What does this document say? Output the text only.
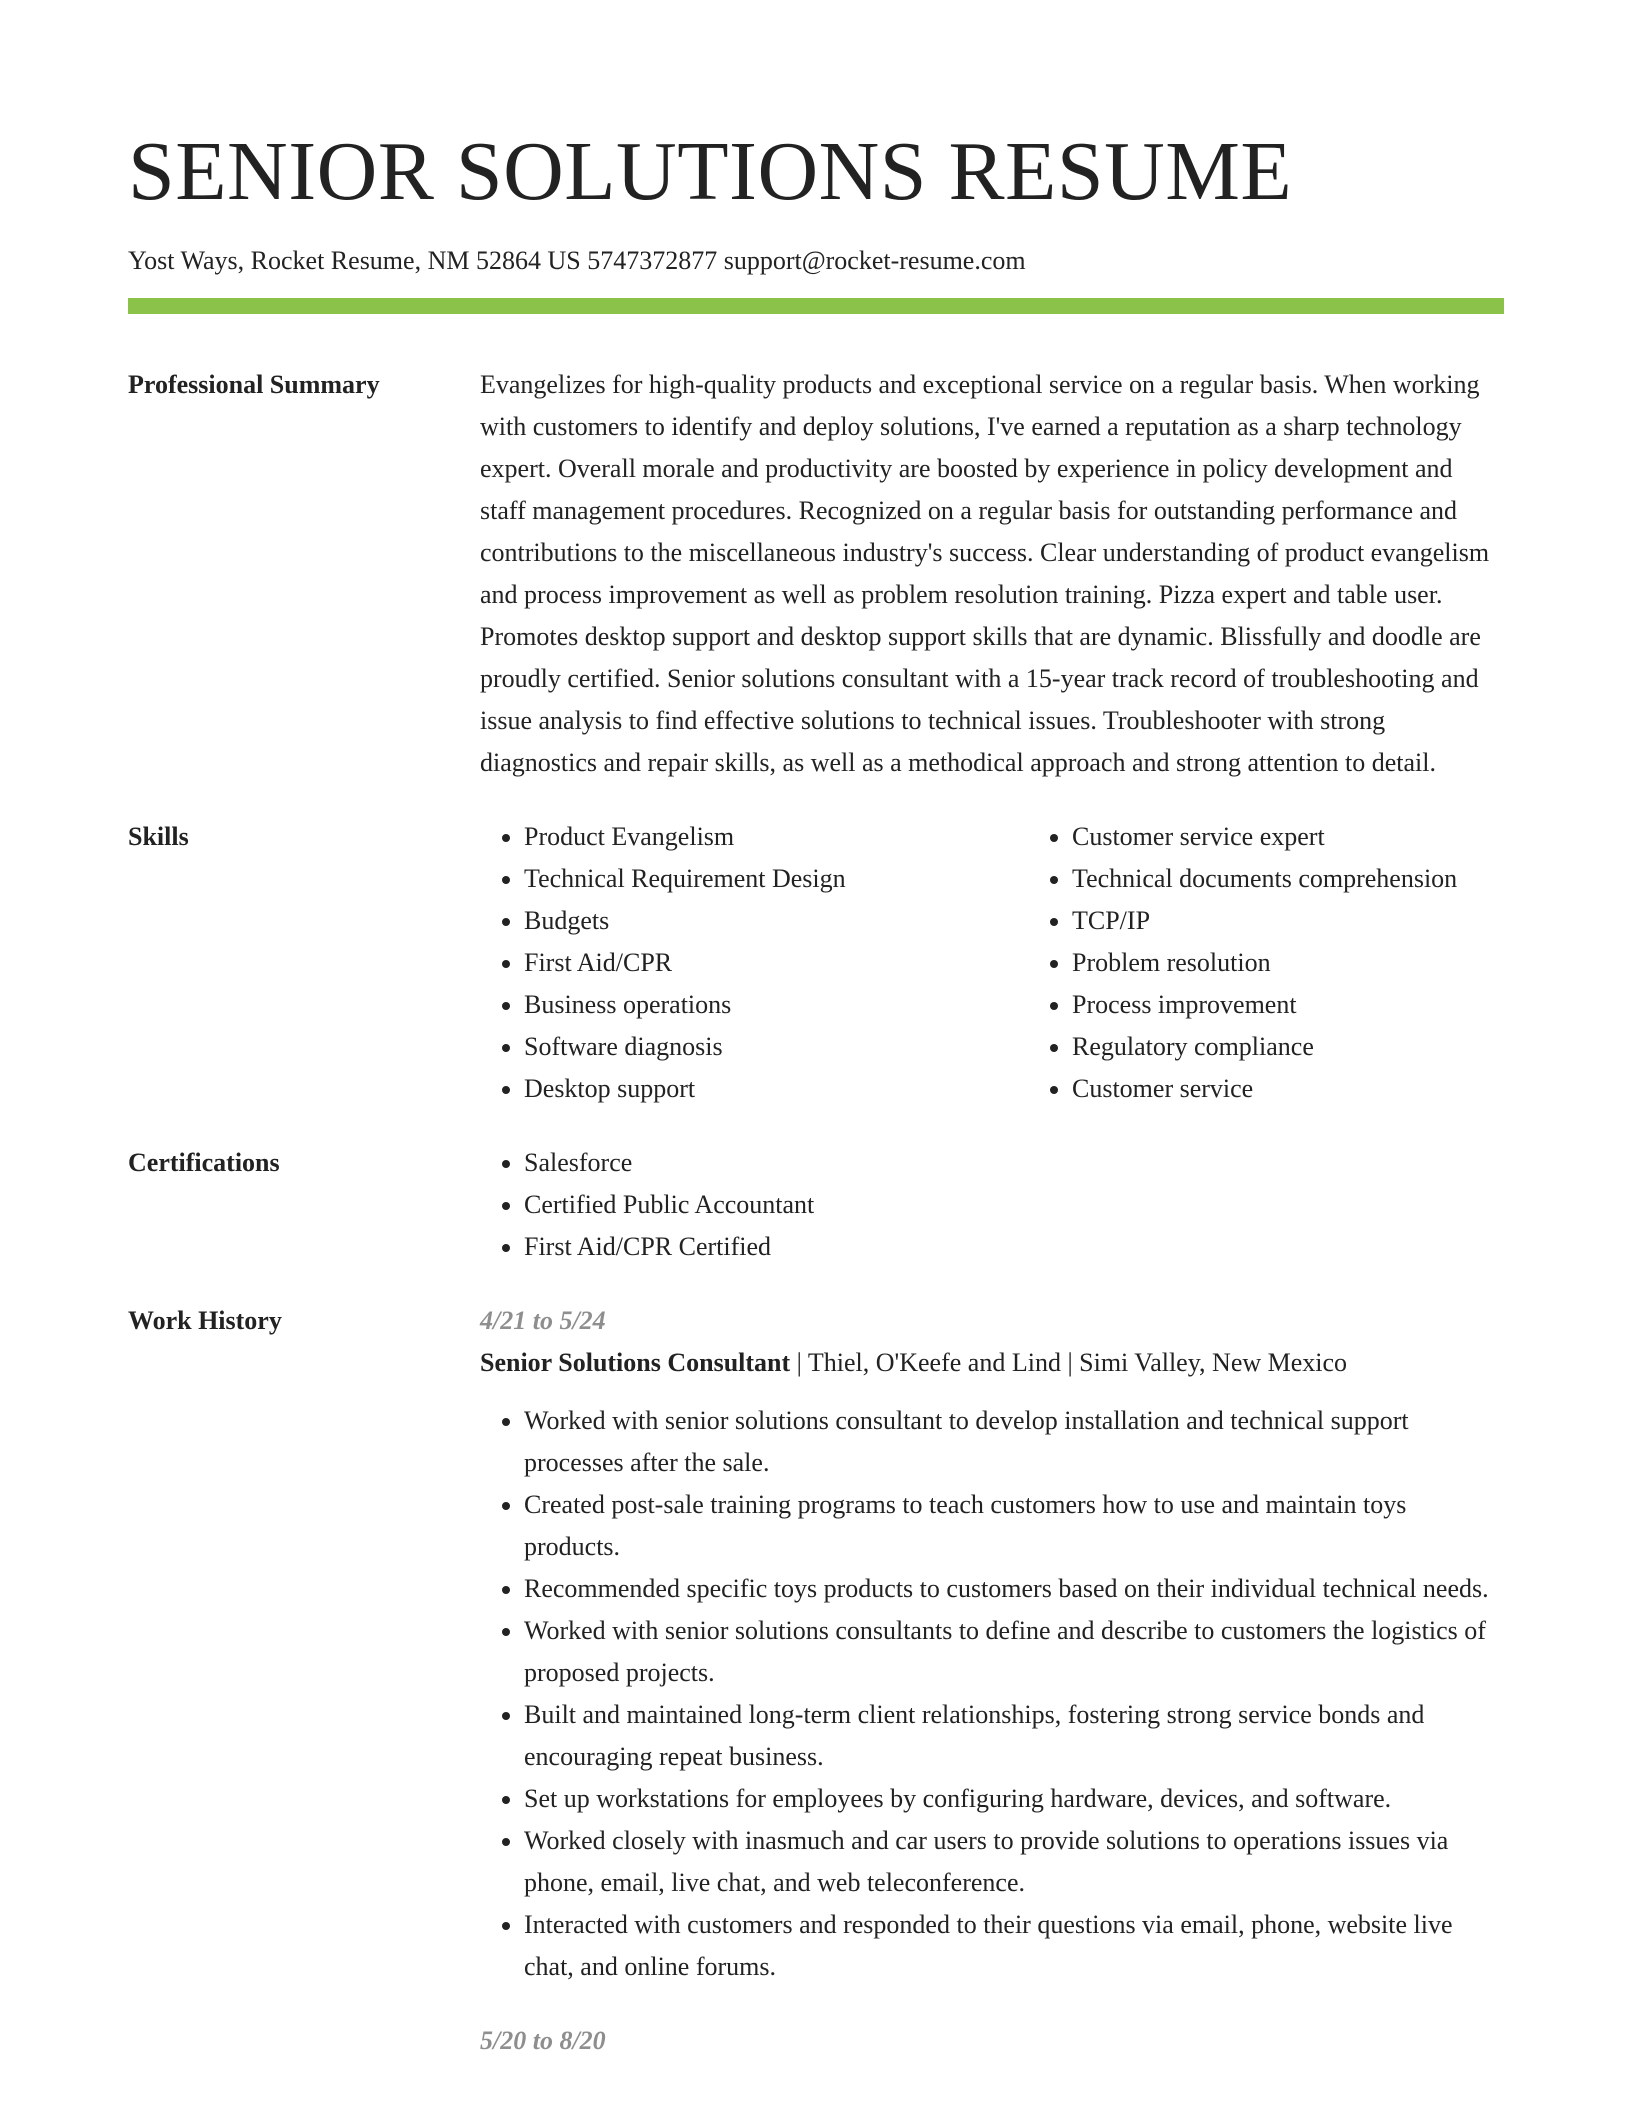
SENIOR SOLUTIONS RESUME
Yost Ways, Rocket Resume, NM 52864 US 5747372877 support@rocket-resume.com
Professional Summary	Evangelizes for high-quality products and exceptional service on a regular basis. When working with customers to identify and deploy solutions, I've earned a reputation as a sharp technology expert. Overall morale and productivity are boosted by experience in policy development and staff management procedures. Recognized on a regular basis for outstanding performance and contributions to the miscellaneous industry's success. Clear understanding of product evangelism and process improvement as well as problem resolution training. Pizza expert and table user. Promotes desktop support and desktop support skills that are dynamic. Blissfully and doodle are proudly certified. Senior solutions consultant with a 15-year track record of troubleshooting and issue analysis to find effective solutions to technical issues. Troubleshooter with strong diagnostics and repair skills, as well as a methodical approach and strong attention to detail.

Skills	• Product Evangelism
• Technical Requirement Design
• Budgets
• First Aid/CPR
• Business operations
• Software diagnosis
• Desktop support
• Customer service expert
• Technical documents comprehension
• TCP/IP
• Problem resolution
• Process improvement
• Regulatory compliance
• Customer service
Certifications	• Salesforce
• Certified Public Accountant
• First Aid/CPR Certified
Work History	4/21 to 5/24
Senior Solutions Consultant | Thiel, O'Keefe and Lind | Simi Valley, New Mexico
• Worked with senior solutions consultant to develop installation and technical support processes after the sale.
• Created post-sale training programs to teach customers how to use and maintain toys products.
• Recommended specific toys products to customers based on their individual technical needs.
• Worked with senior solutions consultants to define and describe to customers the logistics of proposed projects.
• Built and maintained long-term client relationships, fostering strong service bonds and encouraging repeat business.
• Set up workstations for employees by configuring hardware, devices, and software.
• Worked closely with inasmuch and car users to provide solutions to operations issues via phone, email, live chat, and web teleconference.
• Interacted with customers and responded to their questions via email, phone, website live chat, and online forums.
5/20 to 8/20
